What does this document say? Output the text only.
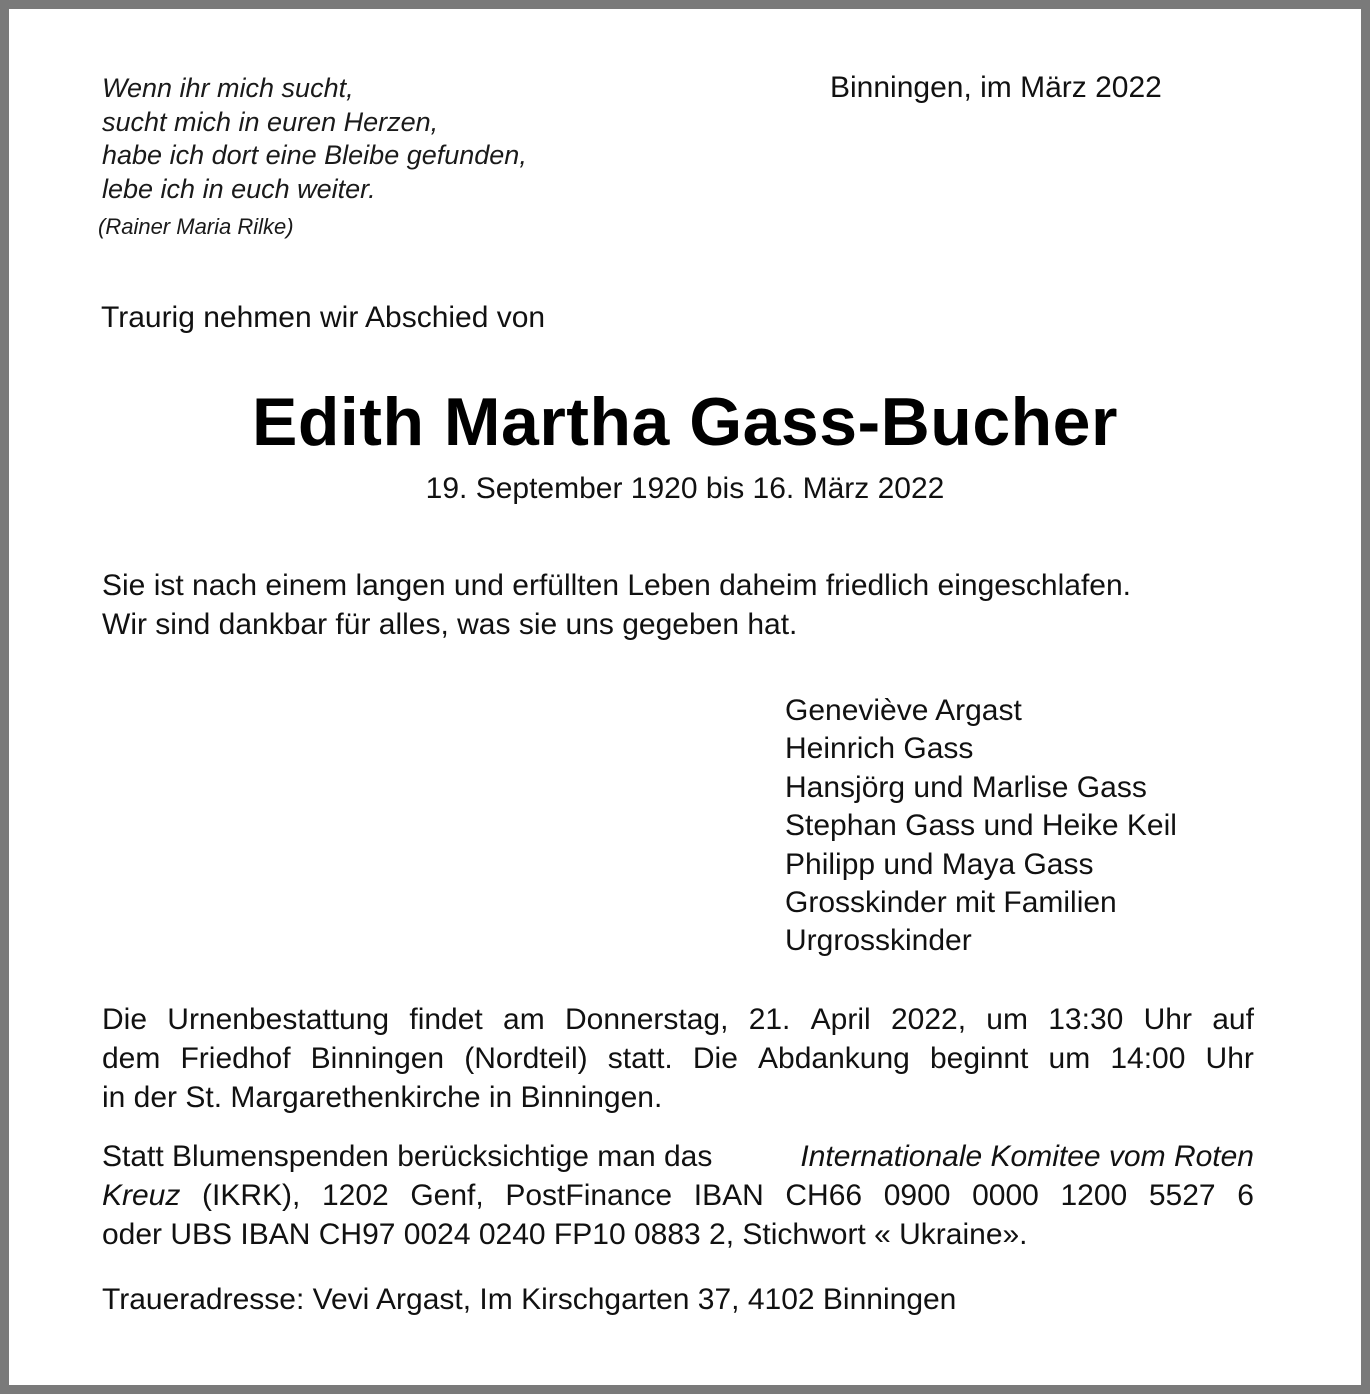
Wenn ihr mich sucht,
sucht mich in euren Herzen,
habe ich dort eine Bleibe gefunden,
lebe ich in euch weiter.
(Rainer Maria Rilke)
Binningen, im März 2022
Traurig nehmen wir Abschied von
Edith Martha Gass-Bucher
19. September 1920 bis 16. März 2022
Sie ist nach einem langen und erfüllten Leben daheim friedlich eingeschlafen.
Wir sind dankbar für alles, was sie uns gegeben hat.
Geneviève Argast
Heinrich Gass
Hansjörg und Marlise Gass
Stephan Gass und Heike Keil
Philipp und Maya Gass
Grosskinder mit Familien
Urgrosskinder
Die Urnenbestattung findet am Donnerstag, 21. April 2022, um 13:30 Uhr auf
dem Friedhof Binningen (Nordteil) statt. Die Abdankung beginnt um 14:00 Uhr
in der St. Margarethenkirche in Binningen.
Statt Blumenspenden berücksichtige man das	Internationale Komitee vom Roten
Kreuz (IKRK), 1202 Genf, PostFinance IBAN CH66 0900 0000 1200 5527 6
oder UBS IBAN CH97 0024 0240 FP10 0883 2, Stichwort « Ukraine».
Traueradresse: Vevi Argast, Im Kirschgarten 37, 4102 Binningen
